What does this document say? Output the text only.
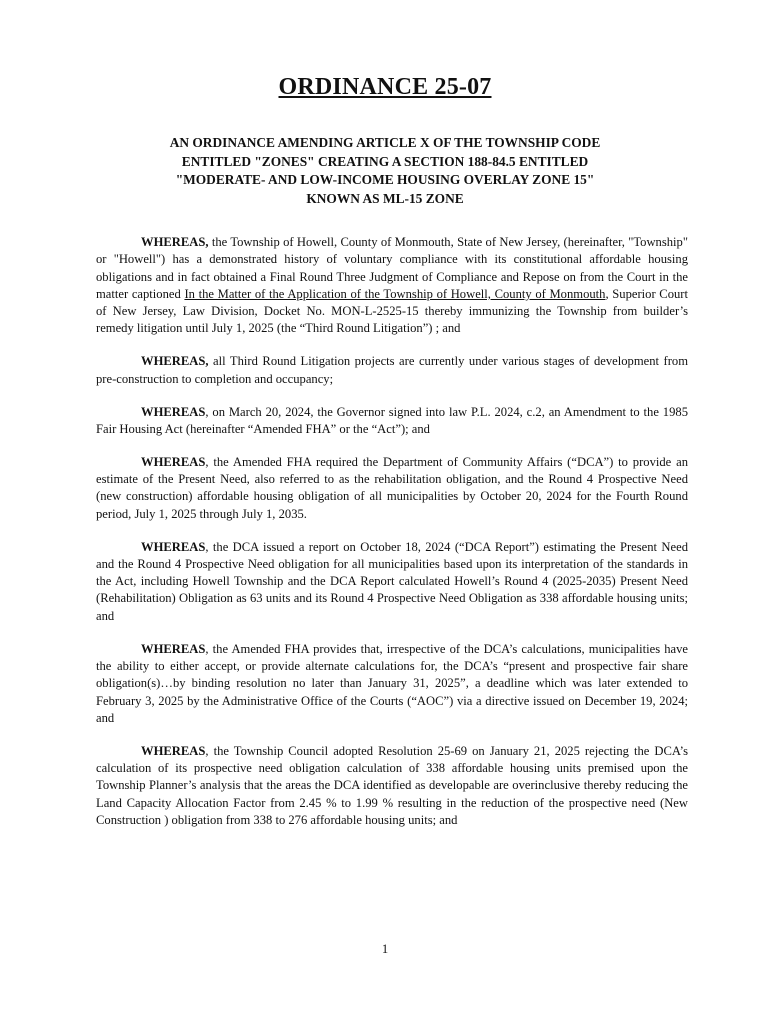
ORDINANCE 25-07
AN ORDINANCE AMENDING ARTICLE X OF THE TOWNSHIP CODE
ENTITLED "ZONES" CREATING A SECTION 188-84.5 ENTITLED
"MODERATE- AND LOW-INCOME HOUSING OVERLAY ZONE 15"
KNOWN AS ML-15 ZONE

WHEREAS, the Township of Howell, County of Monmouth, State of New Jersey, (hereinafter, "Township" or "Howell") has a demonstrated history of voluntary compliance with its constitutional affordable housing obligations and in fact obtained a Final Round Three Judgment of Compliance and Repose on from the Court in the matter captioned In the Matter of the Application of the Township of Howell, County of Monmouth, Superior Court of New Jersey, Law Division, Docket No. MON-L-2525-15 thereby immunizing the Township from builder’s remedy litigation until July 1, 2025 (the “Third Round Litigation”) ; and

WHEREAS, all Third Round Litigation projects are currently under various stages of development from pre-construction to completion and occupancy;

WHEREAS, on March 20, 2024, the Governor signed into law P.L. 2024, c.2, an Amendment to the 1985 Fair Housing Act (hereinafter “Amended FHA” or the “Act”); and

WHEREAS, the Amended FHA required the Department of Community Affairs (“DCA”) to provide an estimate of the Present Need, also referred to as the rehabilitation obligation, and the Round 4 Prospective Need (new construction) affordable housing obligation of all municipalities by October 20, 2024 for the Fourth Round period, July 1, 2025 through July 1, 2035.

WHEREAS, the DCA issued a report on October 18, 2024 (“DCA Report”) estimating the Present Need and the Round 4 Prospective Need obligation for all municipalities based upon its interpretation of the standards in the Act, including Howell Township and the DCA Report calculated Howell’s Round 4 (2025-2035) Present Need (Rehabilitation) Obligation as 63 units and its Round 4 Prospective Need Obligation as 338 affordable housing units; and

WHEREAS, the Amended FHA provides that, irrespective of the DCA’s calculations, municipalities have the ability to either accept, or provide alternate calculations for, the DCA’s “present and prospective fair share obligation(s)…by binding resolution no later than January 31, 2025”, a deadline which was later extended to February 3, 2025 by the Administrative Office of the Courts (“AOC”) via a directive issued on December 19, 2024; and

WHEREAS, the Township Council adopted Resolution 25-69 on January 21, 2025 rejecting the DCA’s calculation of its prospective need obligation calculation of 338 affordable housing units premised upon the Township Planner’s analysis that the areas the DCA identified as developable are overinclusive thereby reducing the Land Capacity Allocation Factor from 2.45 % to 1.99 % resulting in the reduction of the prospective need (New Construction ) obligation from 338 to 276 affordable housing units; and

1
